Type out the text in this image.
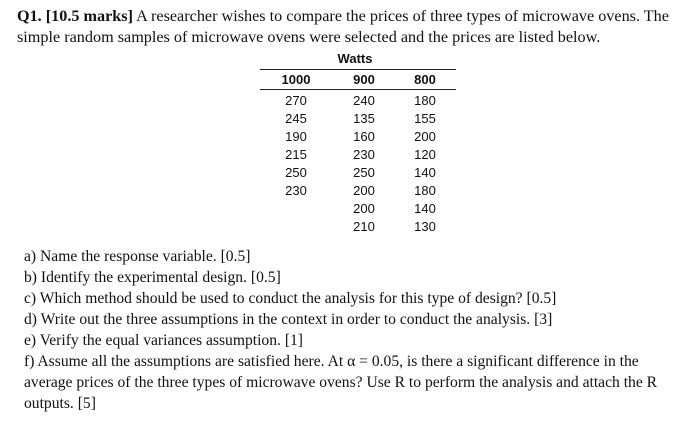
Q1. [10.5 marks] A researcher wishes to compare the prices of three types of microwave ovens. The simple random samples of microwave ovens were selected and the prices are listed below.
Watts
1000	900	800
270
245
190
215
250
230
240
135
160
230
250
200
200
210
180
155
200
120
140
180
140
130
a) Name the response variable. [0.5]
b) Identify the experimental design. [0.5]
c) Which method should be used to conduct the analysis for this type of design? [0.5]
d) Write out the three assumptions in the context in order to conduct the analysis. [3]
e) Verify the equal variances assumption. [1]
f) Assume all the assumptions are satisfied here. At α = 0.05, is there a significant difference in the average prices of the three types of microwave ovens? Use R to perform the analysis and attach the R outputs. [5]
